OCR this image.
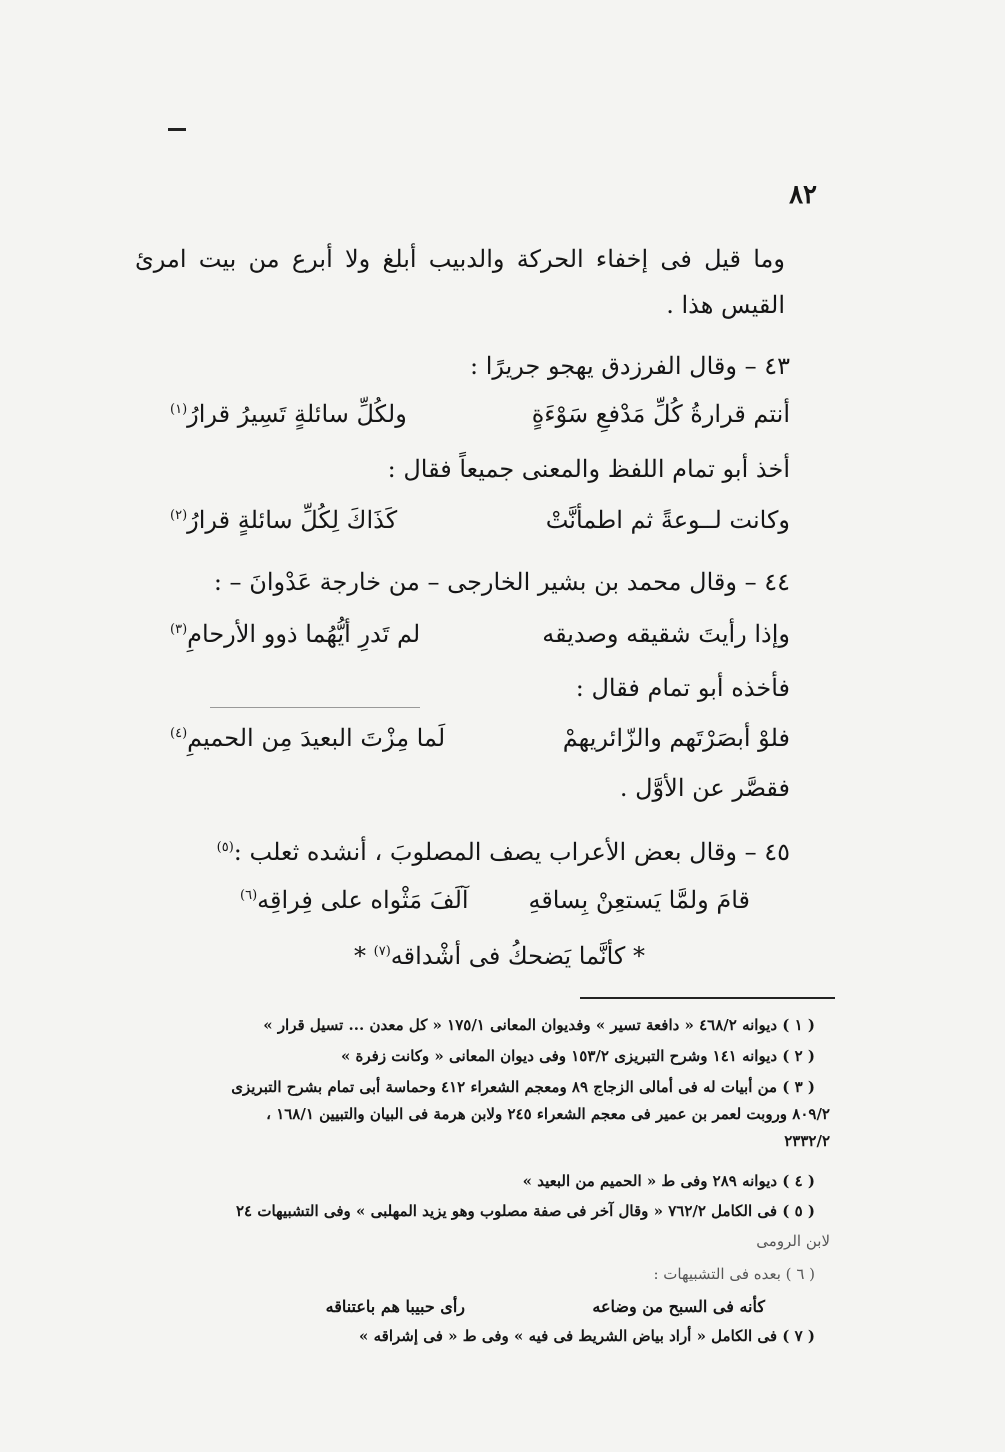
٨٢
وما قيل فى إخفاء الحركة والدبيب أبلغ ولا أبرع من بيت امرئ القيس هذا .
٤٣ – وقال الفرزدق يهجو جريرًا :
أنتم قرارةُ كُلِّ مَدْفعِ سَوْءَةٍ
ولكُلِّ سائلةٍ تَسِيرُ قرارُ$^{(١)}$
أخذ أبو تمام اللفظ والمعنى جميعاً فقال :
وكانت لــوعةً ثم اطمأنَّتْ
كَذَاكَ لِكُلِّ سائلةٍ قرارُ$^{(٢)}$
٤٤ – وقال محمد بن بشير الخارجى – من خارجة عَدْوانَ – :
وإذا رأيتَ شقيقه وصديقه
لم تَدرِ أيُّهُما ذوو الأرحامِ$^{(٣)}$
فأخذه أبو تمام فقال :
فلوْ أبصَرْتَهم والزّائريهمْ
لَما مِزْتَ البعيدَ مِن الحميمِ$^{(٤)}$
فقصَّر عن الأوَّل .
٤٥ – وقال بعض الأعراب يصف المصلوبَ ، أنشده ثعلب :$^{(٥)}$
قامَ ولمَّا يَستعِنْ بِساقهِ
آلَفَ مَثْواه على فِراقِه$^{(٦)}$
* كأنَّما يَضحكُ فى أشْداقه$^{(٧)}$ *
( ١ ) ديوانه ٤٦٨/٢ « دافعة تسير » وفديوان المعانى ١٧٥/١ « كل معدن ... تسيل قرار »
( ٢ ) ديوانه ١٤١ وشرح التبريزى ١٥٣/٢ وفى ديوان المعانى « وكانت زفرة »
( ٣ ) من أبيات له فى أمالى الزجاج ٨٩ ومعجم الشعراء ٤١٢ وحماسة أبى تمام بشرح التبريزى
٨٠٩/٢ وروبت لعمر بن عمير فى معجم الشعراء ٢٤٥ ولابن هرمة فى البيان والتبيين ١٦٨/١ ،
٢٣٣٢/٢
( ٤ ) ديوانه ٢٨٩ وفى ط « الحميم من البعيد »
( ٥ ) فى الكامل ٧٦٢/٢ « وقال آخر فى صفة مصلوب وهو يزيد المهلبى » وفى التشبيهات ٢٤
لابن الرومى
( ٦ ) بعده فى التشبيهات :
كأنه فى السبح من وضاعه
رأى حبيبا هم باعتناقه
( ٧ ) فى الكامل « أراد بياض الشريط فى فيه » وفى ط « فى إشراقه »
